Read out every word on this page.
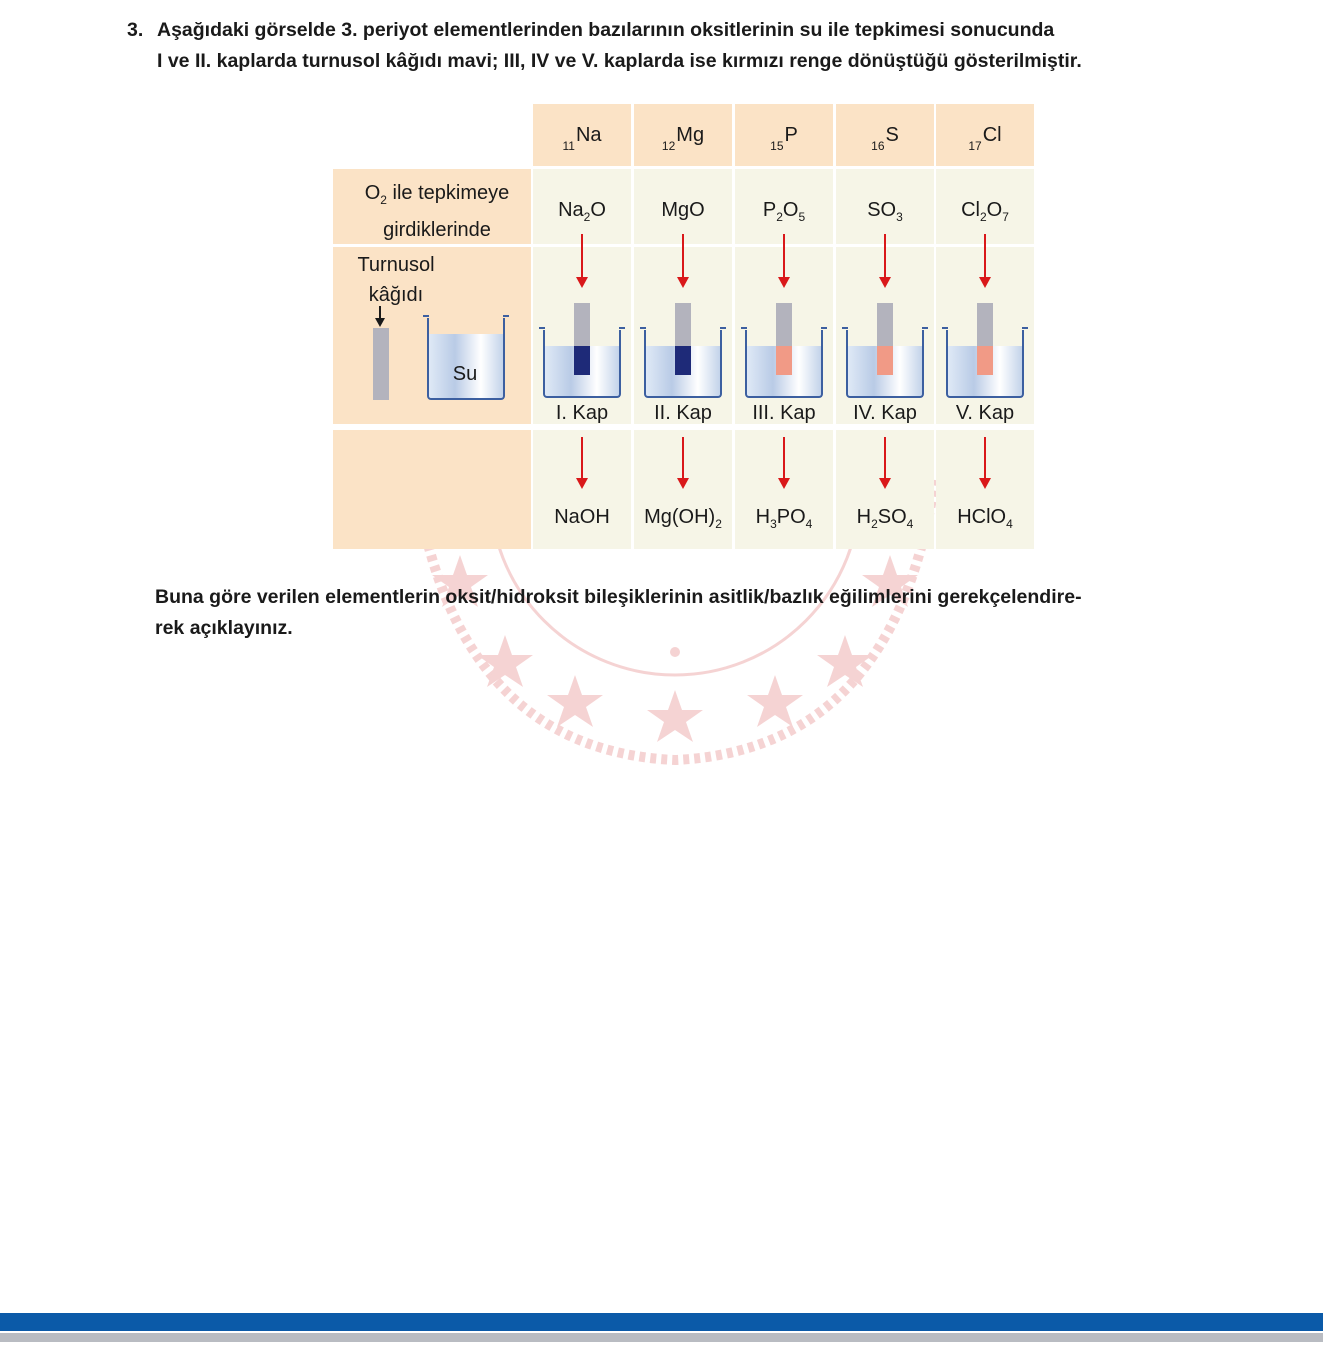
3. Aşağıdaki görselde 3. periyot elementlerinden bazılarının oksitlerinin su ile tepkimesi sonucunda
I ve II. kaplarda turnusol kâğıdı mavi; III, IV ve V. kaplarda ise kırmızı renge dönüştüğü gösterilmiştir.
$O_2$ ile tepkimeye
girdiklerinde
Turnusol
kâğıdı
Su
$_{11}$Na
$Na_2O$
I. Kap
NaOH
$_{12}$Mg
MgO
II. Kap
$Mg(OH)_2$
$_{15}$P
$P_2O_5$
III. Kap
$H_3PO_4$
$_{16}$S
$SO_3$
IV. Kap
$H_2SO_4$
$_{17}$Cl
$Cl_2O_7$
V. Kap
HClO$_4$
Buna göre verilen elementlerin oksit/hidroksit bileşiklerinin asitlik/bazlık eğilimlerini gerekçelendire-
rek açıklayınız.
